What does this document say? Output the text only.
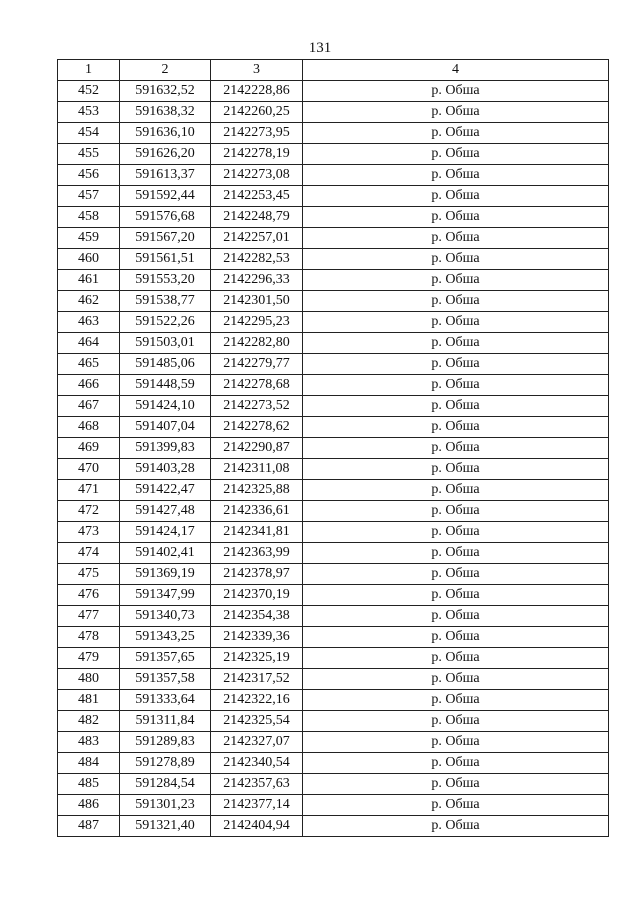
131
1	2	3	4
452	591632,52	2142228,86	р. Обша
453	591638,32	2142260,25	р. Обша
454	591636,10	2142273,95	р. Обша
455	591626,20	2142278,19	р. Обша
456	591613,37	2142273,08	р. Обша
457	591592,44	2142253,45	р. Обша
458	591576,68	2142248,79	р. Обша
459	591567,20	2142257,01	р. Обша
460	591561,51	2142282,53	р. Обша
461	591553,20	2142296,33	р. Обша
462	591538,77	2142301,50	р. Обша
463	591522,26	2142295,23	р. Обша
464	591503,01	2142282,80	р. Обша
465	591485,06	2142279,77	р. Обша
466	591448,59	2142278,68	р. Обша
467	591424,10	2142273,52	р. Обша
468	591407,04	2142278,62	р. Обша
469	591399,83	2142290,87	р. Обша
470	591403,28	2142311,08	р. Обша
471	591422,47	2142325,88	р. Обша
472	591427,48	2142336,61	р. Обша
473	591424,17	2142341,81	р. Обша
474	591402,41	2142363,99	р. Обша
475	591369,19	2142378,97	р. Обша
476	591347,99	2142370,19	р. Обша
477	591340,73	2142354,38	р. Обша
478	591343,25	2142339,36	р. Обша
479	591357,65	2142325,19	р. Обша
480	591357,58	2142317,52	р. Обша
481	591333,64	2142322,16	р. Обша
482	591311,84	2142325,54	р. Обша
483	591289,83	2142327,07	р. Обша
484	591278,89	2142340,54	р. Обша
485	591284,54	2142357,63	р. Обша
486	591301,23	2142377,14	р. Обша
487	591321,40	2142404,94	р. Обша
